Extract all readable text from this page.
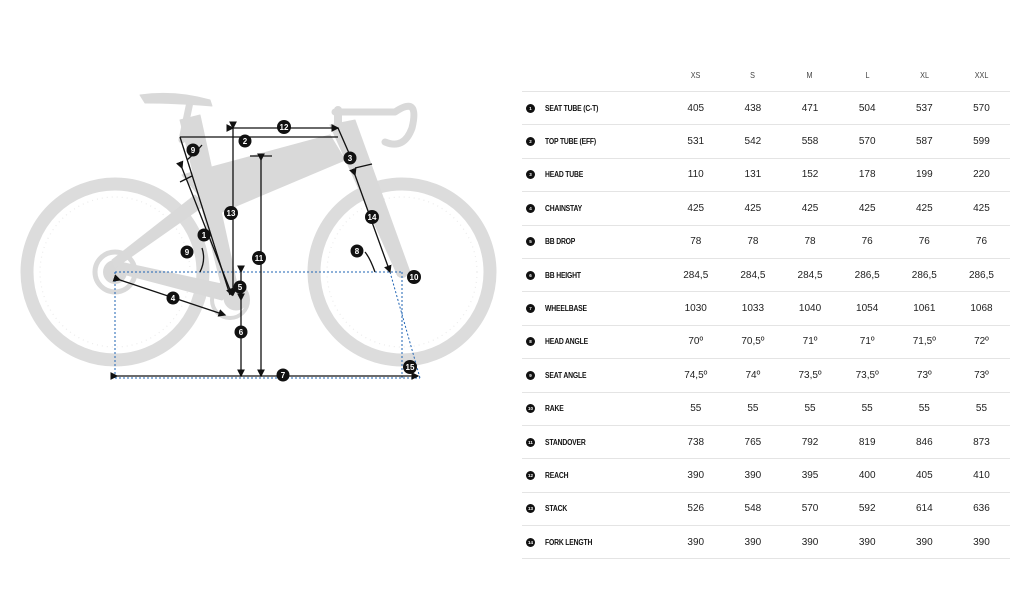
1
2
3
4
5
6
7
8
9
9
10
11
12
13	14
15
XS	S	M	L	XL	XXL
1	SEAT TUBE (C-T)	405	438	471	504	537	570
2	TOP TUBE (EFF)	531	542	558	570	587	599
3	HEAD TUBE	110	131	152	178	199	220
4	CHAINSTAY	425	425	425	425	425	425
5	BB DROP	78	78	78	76	76	76
6	BB HEIGHT	284,5	284,5	284,5	286,5	286,5	286,5
7	WHEELBASE	1030	1033	1040	1054	1061	1068
8	HEAD ANGLE	70º	70,5º	71º	71º	71,5º	72º
9	SEAT ANGLE	74,5º	74º	73,5º	73,5º	73º	73º
10 RAKE	55	55	55	55	55	55
11 STANDOVER	738	765	792	819	846	873
12 REACH	390	390	395	400	405	410
13 STACK	526	548	570	592	614	636
14 FORK LENGTH	390	390	390	390	390	390
